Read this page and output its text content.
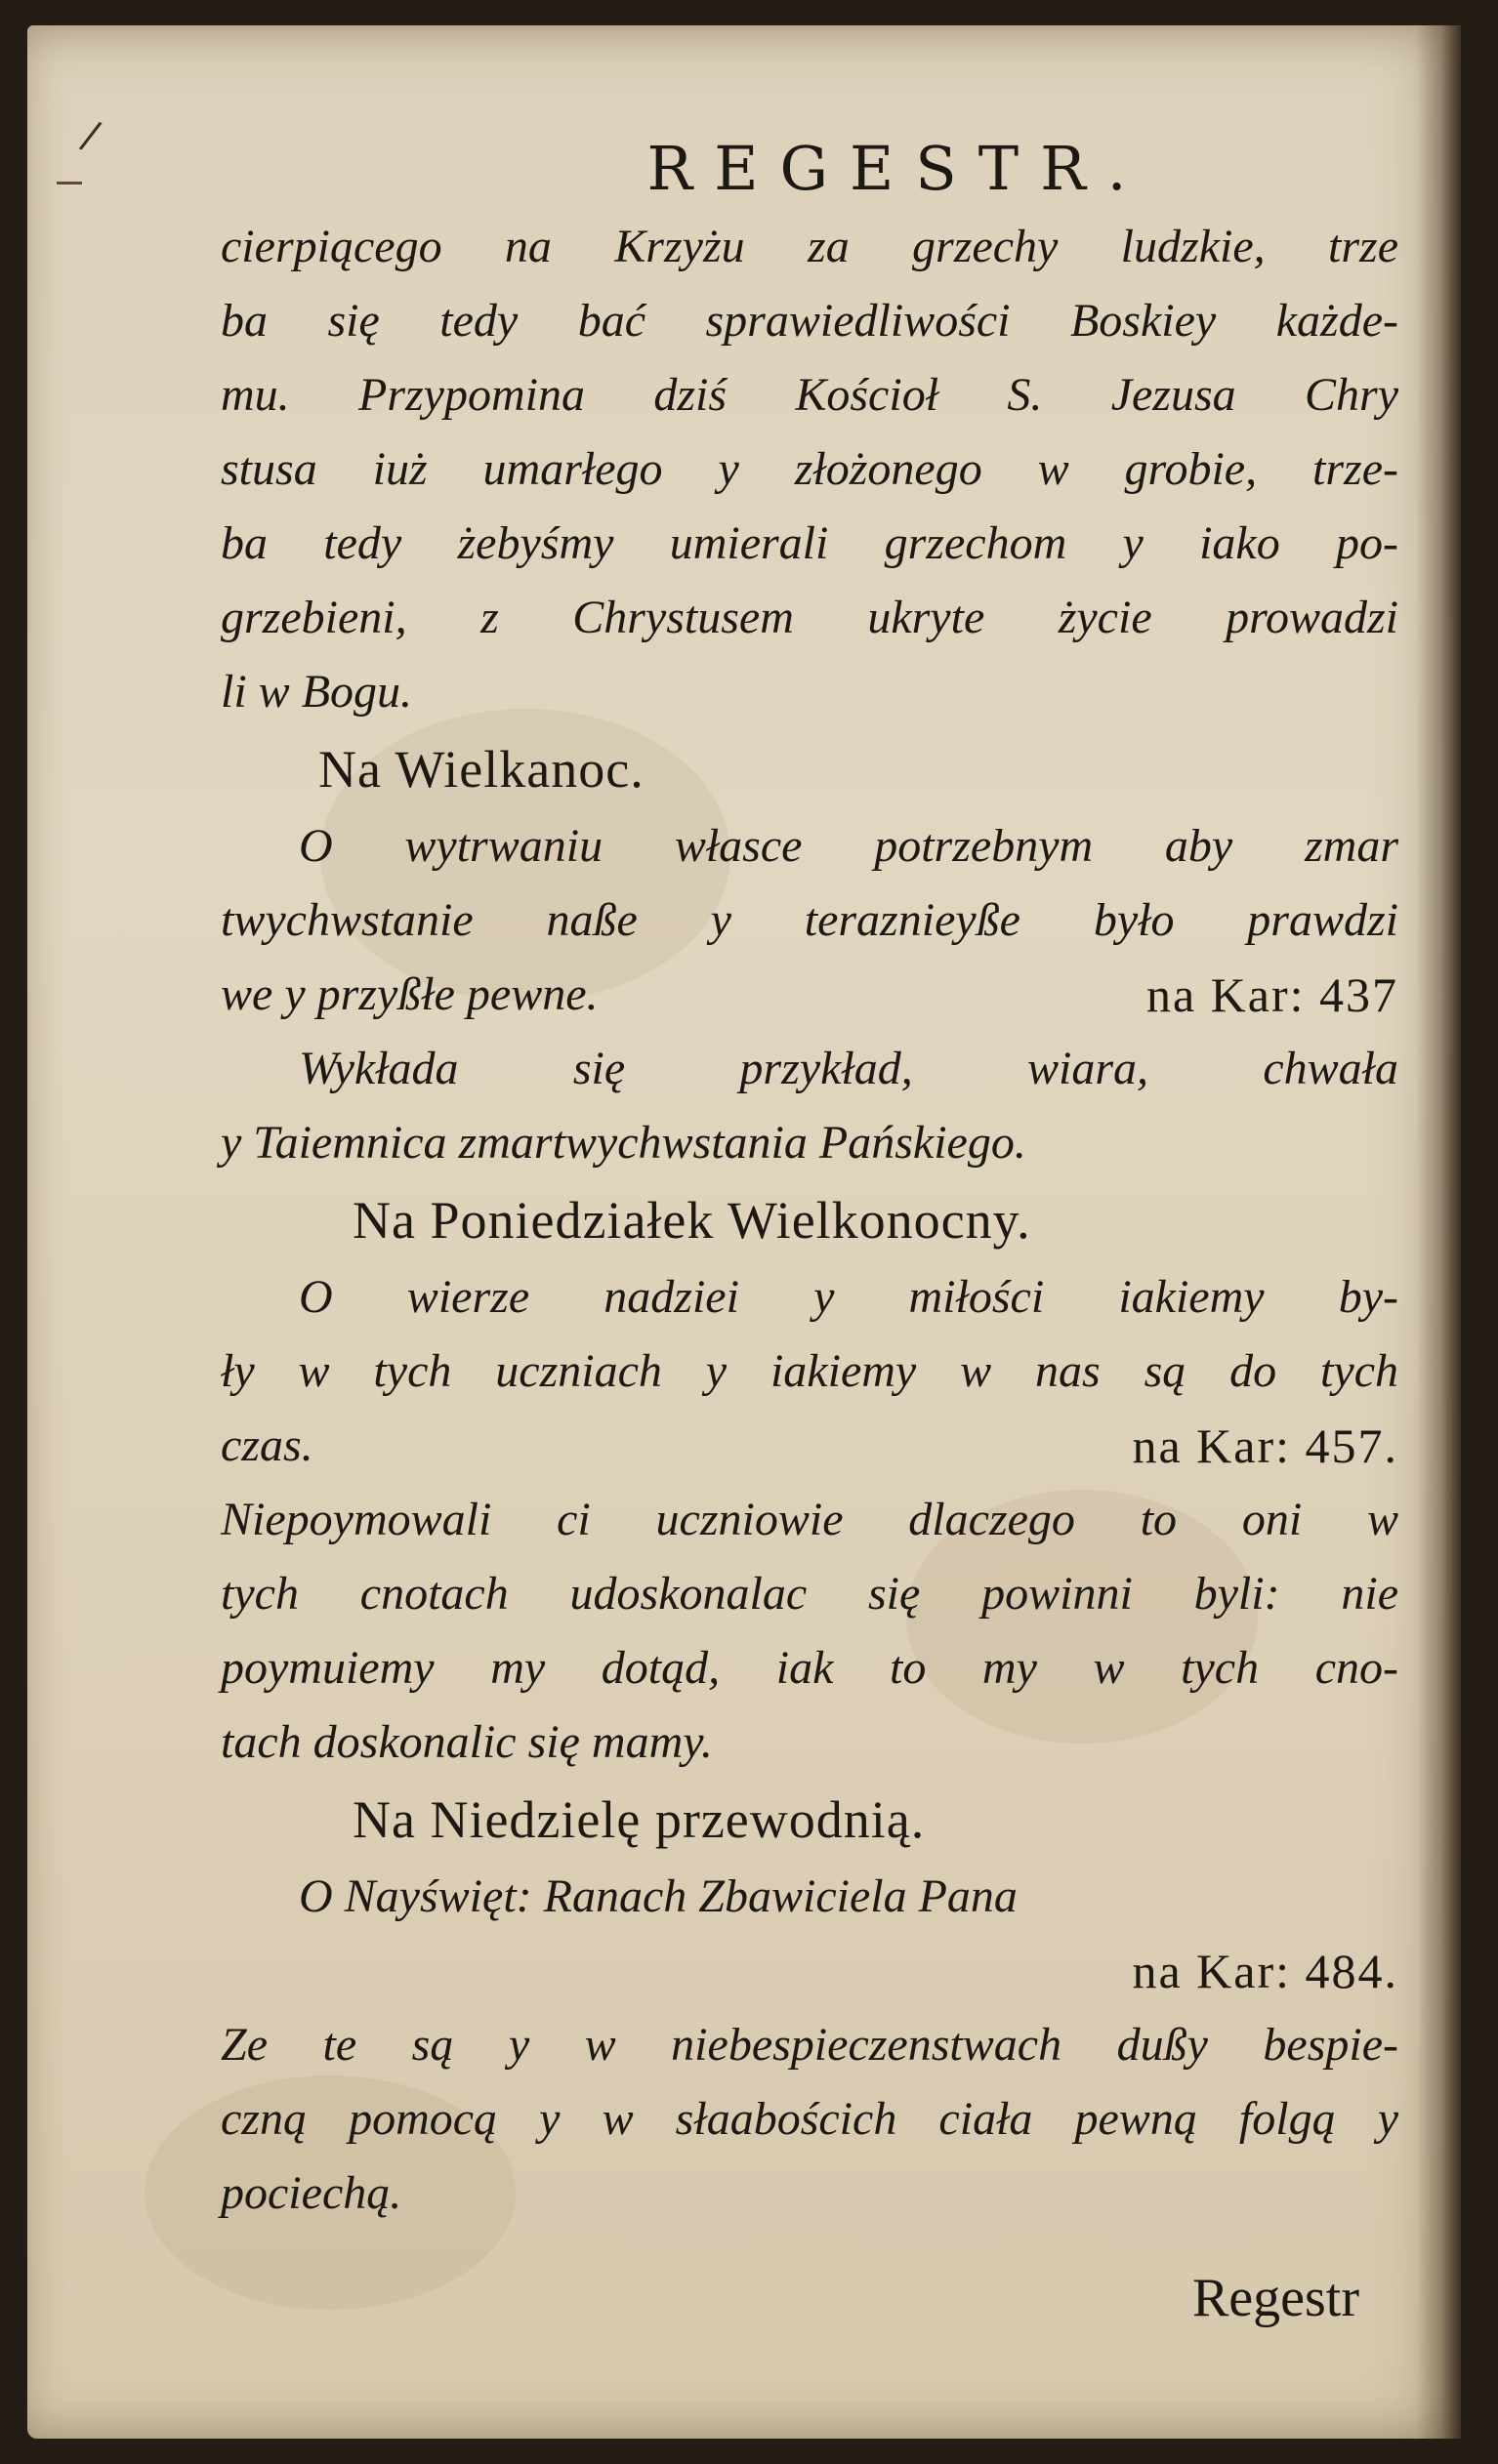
/	REGESTR.
cierpiącego na Krzyżu za grzechy ludzkie, trze
ba się tedy bać sprawiedliwości Boskiey każde-
mu. Przypomina dziś Kościoł S. Jezusa Chry
stusa iuż umarłego y złożonego w grobie, trze-
ba tedy żebyśmy umierali grzechom y iako po-
grzebieni, z Chrystusem ukryte życie prowadzi
li w Bogu.
Na Wielkanoc.
O wytrwaniu własce potrzebnym aby zmar
twychwstanie naße y teraznieyße było prawdzi
we y przyßłe pewne.	na Kar: 437
Wykłada się przykład, wiara, chwała
y Taiemnica zmartwychwstania Pańskiego.
Na Poniedziałek Wielkonocny.
O wierze nadziei y miłości iakiemy by-
ły w tych uczniach y iakiemy w nas są do tych
czas.	na Kar: 457.
Niepoymowali ci uczniowie dlaczego to oni w
tych cnotach udoskonalac się powinni byli: nie
poymuiemy my dotąd, iak to my w tych cno-
tach doskonalic się mamy.
Na Niedzielę przewodnią.
O Nayświęt: Ranach Zbawiciela Pana
na Kar: 484.
Ze te są y w niebespieczenstwach dußy bespie-
czną pomocą y w słaabościch ciała pewną folgą y
pociechą.
Regestr
